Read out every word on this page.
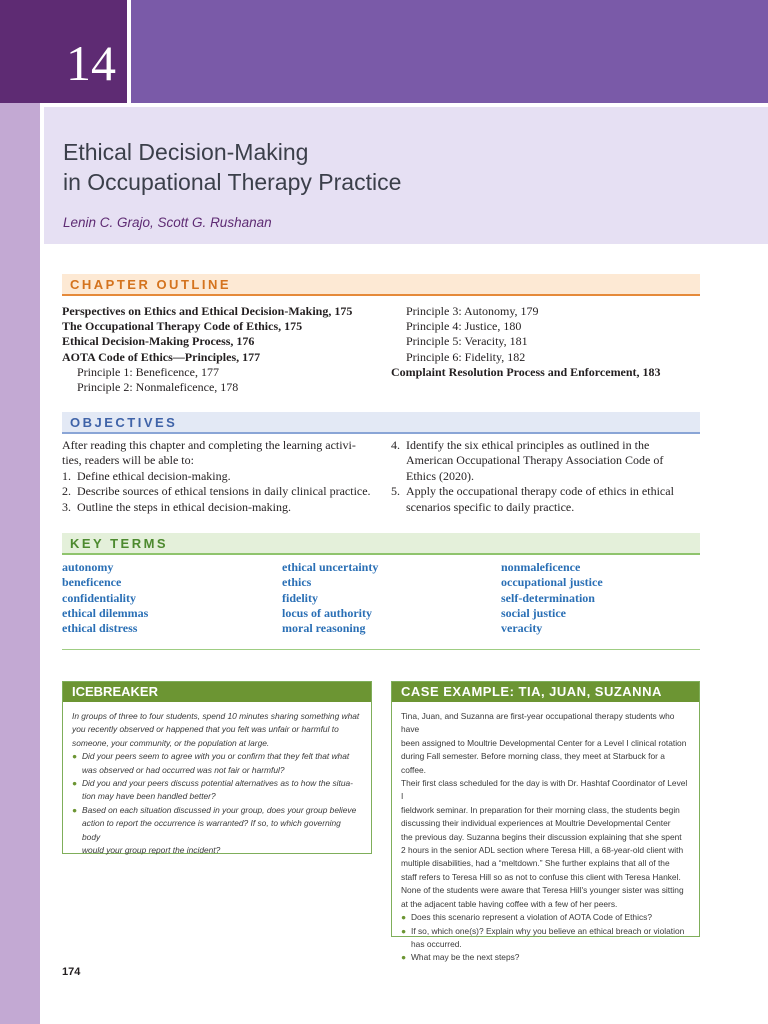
14
Ethical Decision-Making
in Occupational Therapy Practice
Lenin C. Grajo, Scott G. Rushanan
CHAPTER OUTLINE
Perspectives on Ethics and Ethical Decision-Making, 175
The Occupational Therapy Code of Ethics, 175
Ethical Decision-Making Process, 176
AOTA Code of Ethics—Principles, 177
Principle 1: Beneficence, 177
Principle 2: Nonmaleficence, 178
Principle 3: Autonomy, 179
Principle 4: Justice, 180
Principle 5: Veracity, 181
Principle 6: Fidelity, 182
Complaint Resolution Process and Enforcement, 183
OBJECTIVES
After reading this chapter and completing the learning activi-
ties, readers will be able to:
1. Define ethical decision-making.
2. Describe sources of ethical tensions in daily clinical practice.
3. Outline the steps in ethical decision-making.
4. Identify the six ethical principles as outlined in the
American Occupational Therapy Association Code of
Ethics (2020).
5. Apply the occupational therapy code of ethics in ethical
scenarios specific to daily practice.
KEY TERMS
autonomy
beneficence
confidentiality
ethical dilemmas
ethical distress
ethical uncertainty
ethics
fidelity
locus of authority
moral reasoning
nonmaleficence
occupational justice
self-determination
social justice
veracity
ICEBREAKER
In groups of three to four students, spend 10 minutes sharing something what
you recently observed or happened that you felt was unfair or harmful to
someone, your community, or the population at large.
● Did your peers seem to agree with you or confirm that they felt that what
was observed or had occurred was not fair or harmful?
● Did you and your peers discuss potential alternatives as to how the situa-
tion may have been handled better?
● Based on each situation discussed in your group, does your group believe
action to report the occurrence is warranted? If so, to which governing body
would your group report the incident?
CASE EXAMPLE: TIA, JUAN, SUZANNA
Tina, Juan, and Suzanna are first-year occupational therapy students who have
been assigned to Moultrie Developmental Center for a Level I clinical rotation
during Fall semester. Before morning class, they meet at Starbuck for a coffee.
Their first class scheduled for the day is with Dr. Hashtaf Coordinator of Level I
fieldwork seminar. In preparation for their morning class, the students begin
discussing their individual experiences at Moultrie Developmental Center
the previous day. Suzanna begins their discussion explaining that she spent
2 hours in the senior ADL section where Teresa Hill, a 68-year-old client with
multiple disabilities, had a “meltdown.” She further explains that all of the
staff refers to Teresa Hill so as not to confuse this client with Teresa Hankel.
None of the students were aware that Teresa Hill's younger sister was sitting
at the adjacent table having coffee with a few of her peers.
● Does this scenario represent a violation of AOTA Code of Ethics?
● If so, which one(s)? Explain why you believe an ethical breach or violation
has occurred.
● What may be the next steps?
174
